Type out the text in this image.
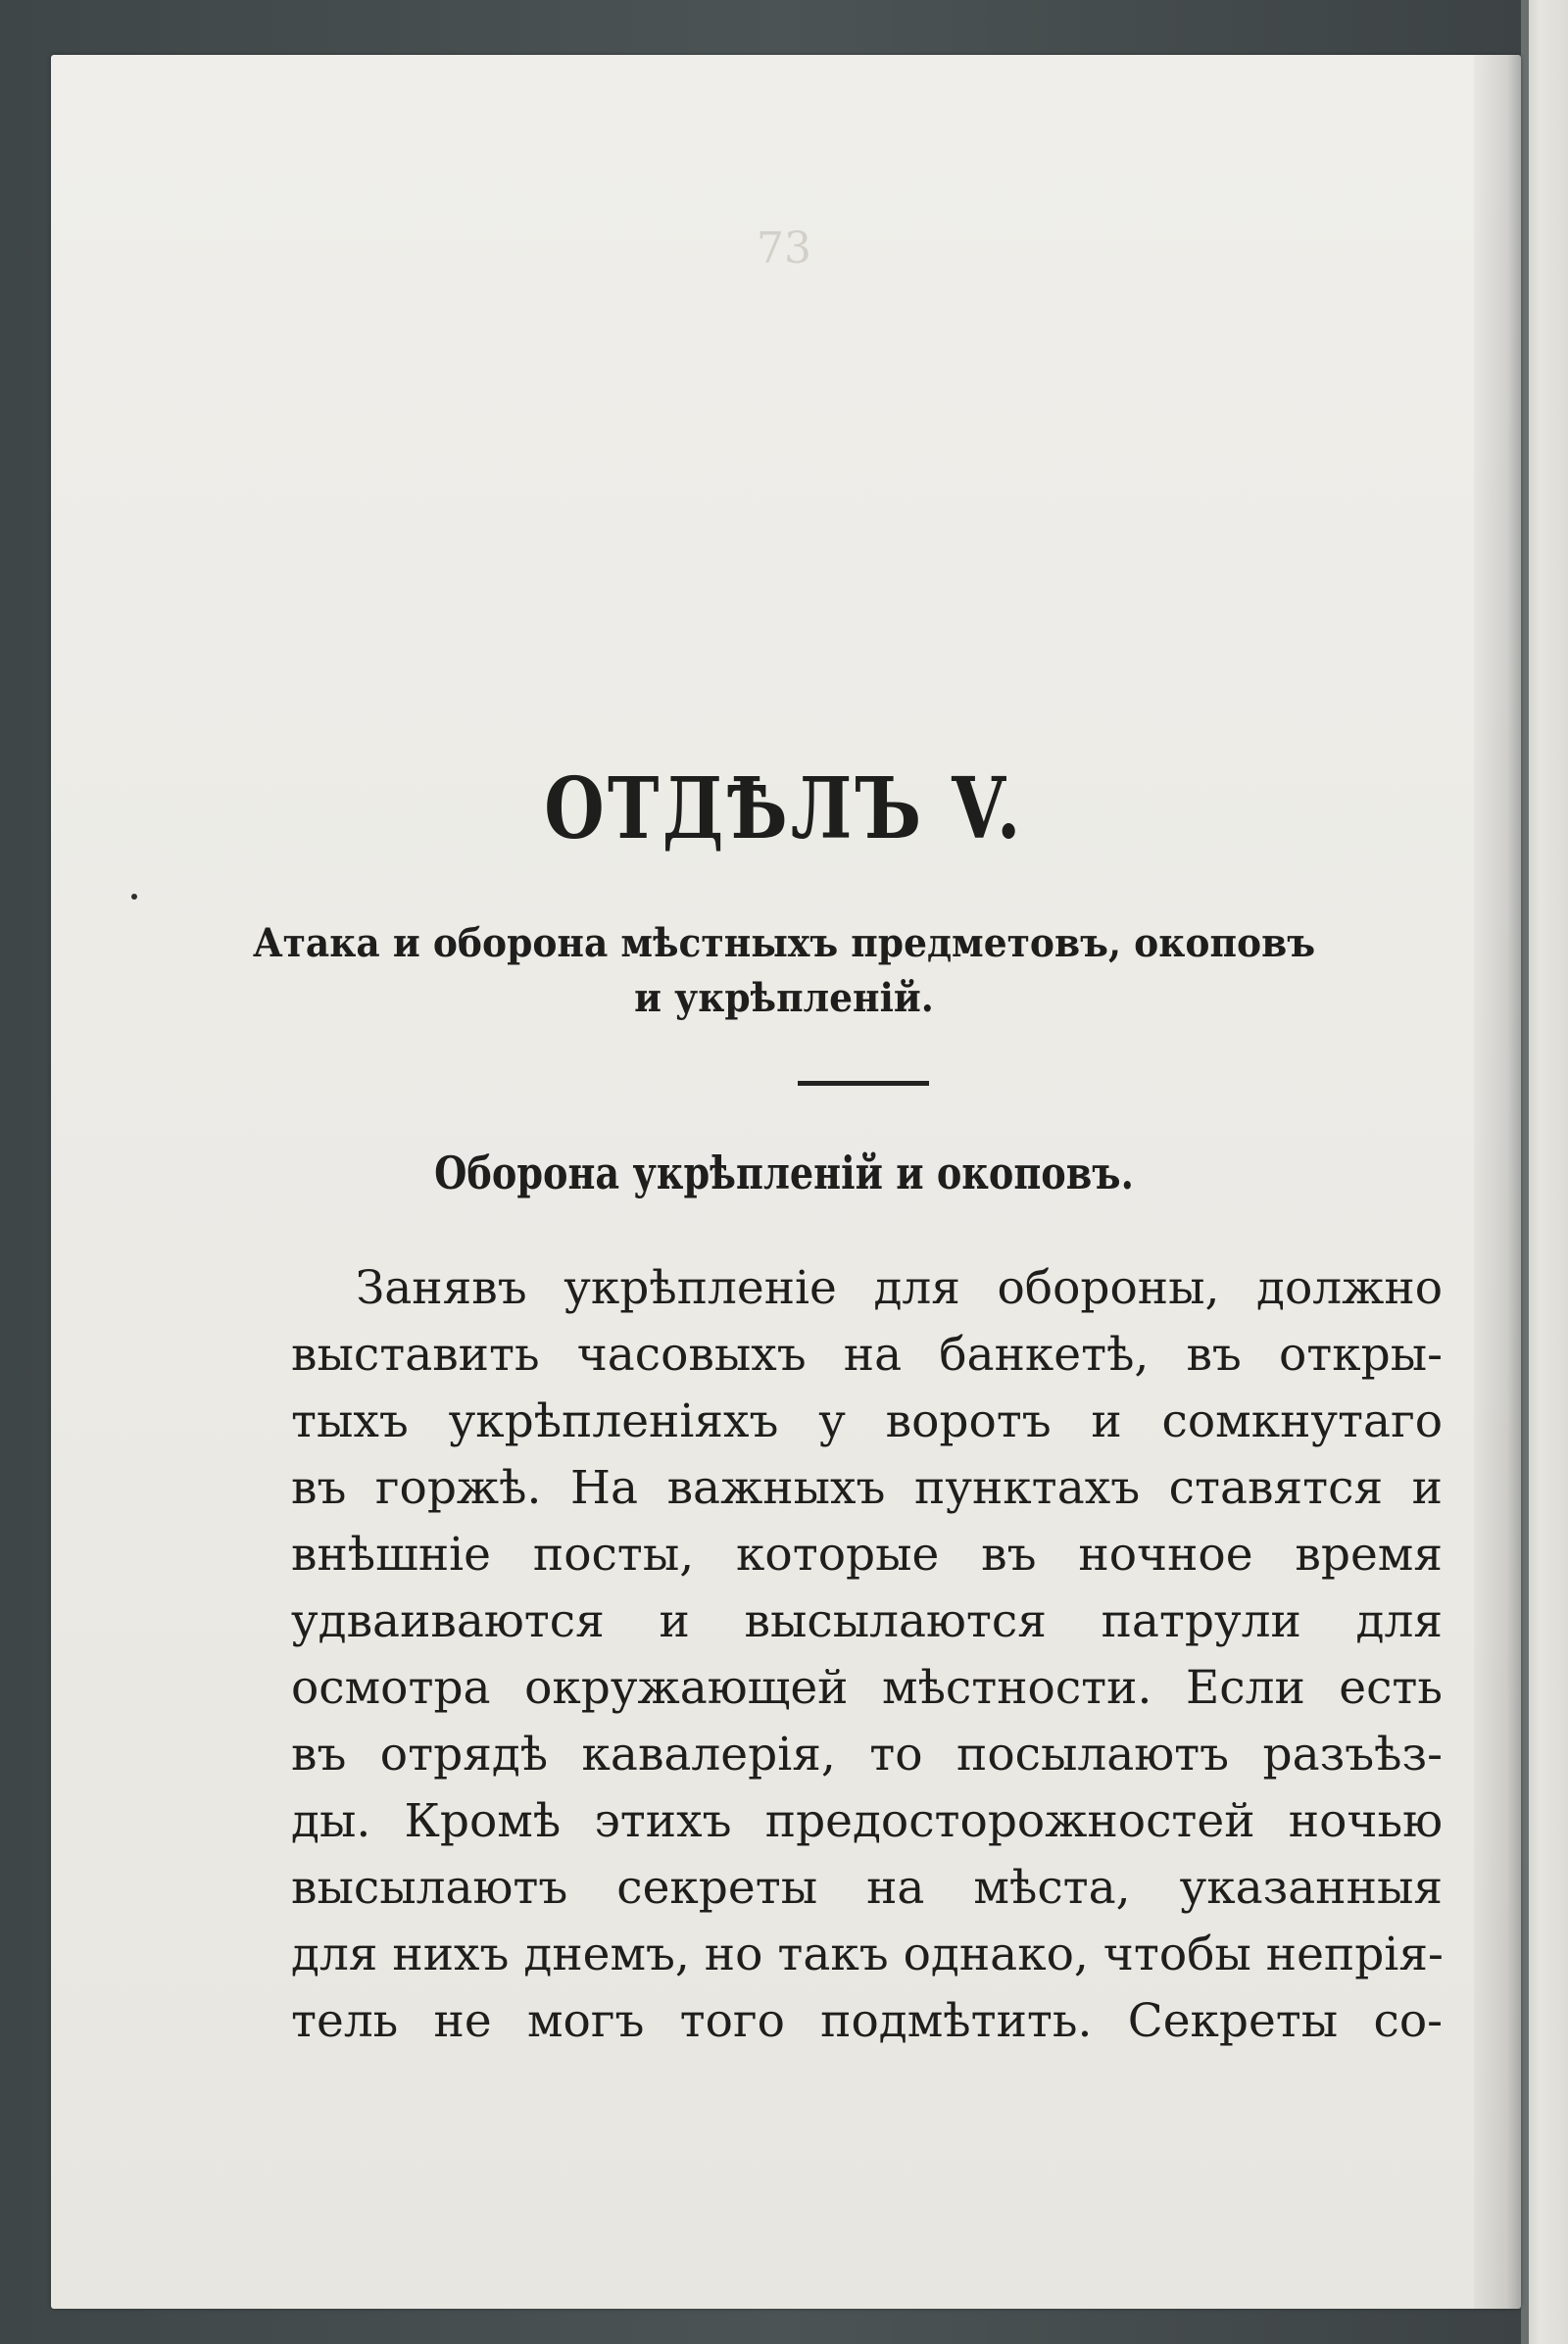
73
ОТДѢЛЪ V.
Атака и оборона мѣстныхъ предметовъ, окоповъ
и укрѣпленій.
Оборона укрѣпленій и окоповъ.
Занявъ укрѣпленіе для обороны, должно
выставить часовыхъ на банкетѣ, въ откры-
тыхъ укрѣпленіяхъ у воротъ и сомкнутаго
въ горжѣ. На важныхъ пунктахъ ставятся и
внѣшніе посты, которые въ ночное время
удваиваются и высылаются патрули для
осмотра окружающей мѣстности. Если есть
въ отрядѣ кавалерія, то посылаютъ разъѣз-
ды. Кромѣ этихъ предосторожностей ночью
высылаютъ секреты на мѣста, указанныя
для нихъ днемъ, но такъ однако, чтобы непрія-
тель не могъ того подмѣтить. Секреты со-
